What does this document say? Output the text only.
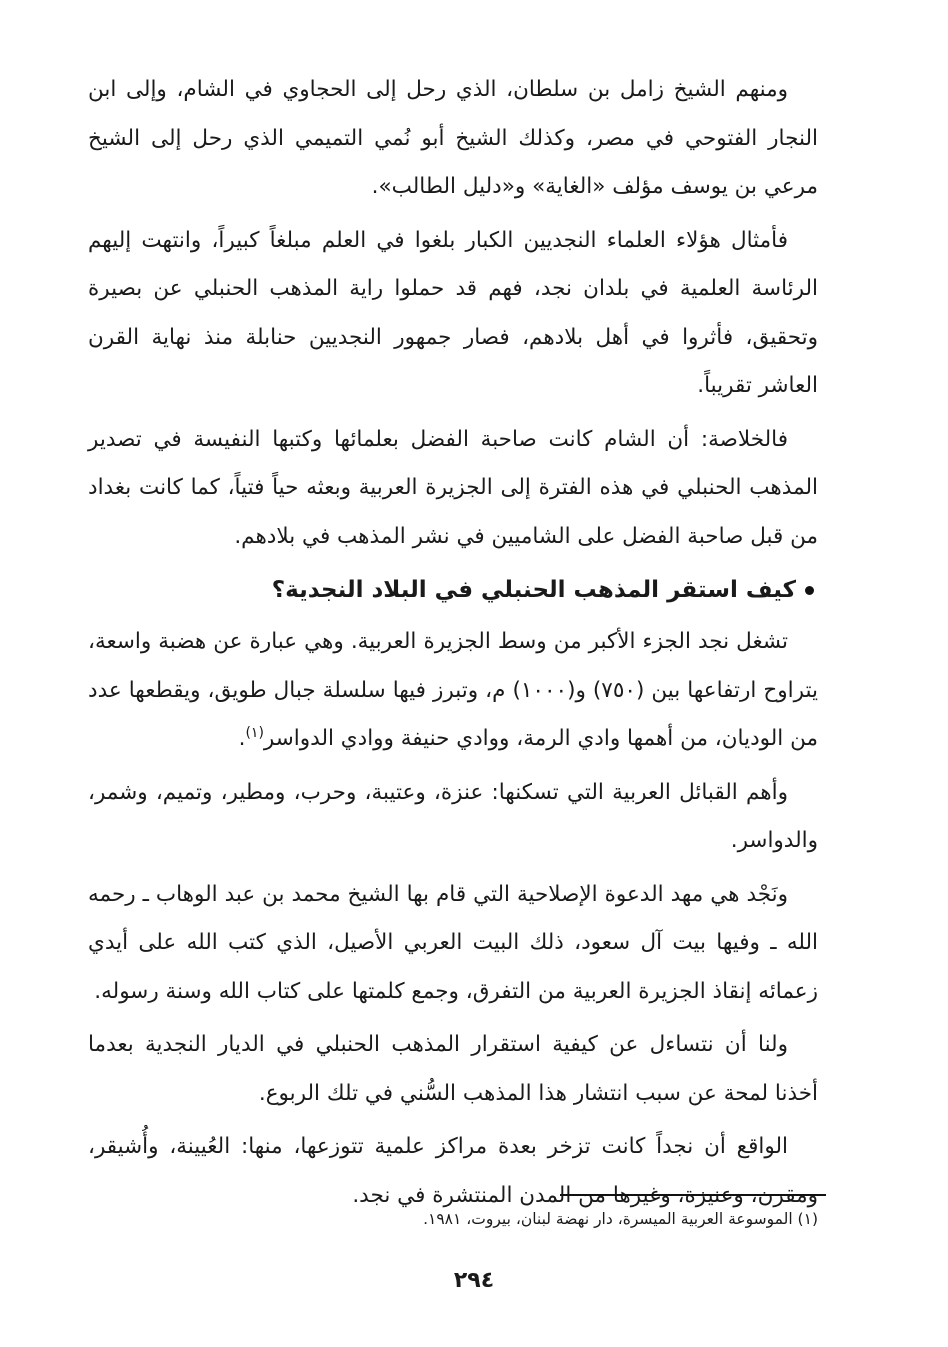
ومنهم الشيخ زامل بن سلطان، الذي رحل إلى الحجاوي في الشام، وإلى ابن النجار الفتوحي في مصر، وكذلك الشيخ أبو نُمي التميمي الذي رحل إلى الشيخ مرعي بن يوسف مؤلف «الغاية» و«دليل الطالب».

فأمثال هؤلاء العلماء النجديين الكبار بلغوا في العلم مبلغاً كبيراً، وانتهت إليهم الرئاسة العلمية في بلدان نجد، فهم قد حملوا راية المذهب الحنبلي عن بصيرة وتحقيق، فأثروا في أهل بلادهم، فصار جمهور النجديين حنابلة منذ نهاية القرن العاشر تقريباً.

فالخلاصة: أن الشام كانت صاحبة الفضل بعلمائها وكتبها النفيسة في تصدير المذهب الحنبلي في هذه الفترة إلى الجزيرة العربية وبعثه حياً فتياً، كما كانت بغداد من قبل صاحبة الفضل على الشاميين في نشر المذهب في بلادهم.

كيف استقر المذهب الحنبلي في البلاد النجدية؟

تشغل نجد الجزء الأكبر من وسط الجزيرة العربية. وهي عبارة عن هضبة واسعة، يتراوح ارتفاعها بين (٧٥٠) و(١٠٠٠) م، وتبرز فيها سلسلة جبال طويق، ويقطعها عدد من الوديان، من أهمها وادي الرمة، ووادي حنيفة ووادي الدواسر$^{(١)}$.

وأهم القبائل العربية التي تسكنها: عنزة، وعتيبة، وحرب، ومطير، وتميم، وشمر، والدواسر.

ونَجْد هي مهد الدعوة الإصلاحية التي قام بها الشيخ محمد بن عبد الوهاب ـ رحمه الله ـ وفيها بيت آل سعود، ذلك البيت العربي الأصيل، الذي كتب الله على أيدي زعمائه إنقاذ الجزيرة العربية من التفرق، وجمع كلمتها على كتاب الله وسنة رسوله.

ولنا أن نتساءل عن كيفية استقرار المذهب الحنبلي في الديار النجدية بعدما أخذنا لمحة عن سبب انتشار هذا المذهب السُّني في تلك الربوع.

الواقع أن نجداً كانت تزخر بعدة مراكز علمية تتوزعها، منها: العُيينة، وأُشيقر، ومقرن، وعنيزة، وغيرها من المدن المنتشرة في نجد.

(١) الموسوعة العربية الميسرة، دار نهضة لبنان، بيروت، ١٩٨١.
٢٩٤
